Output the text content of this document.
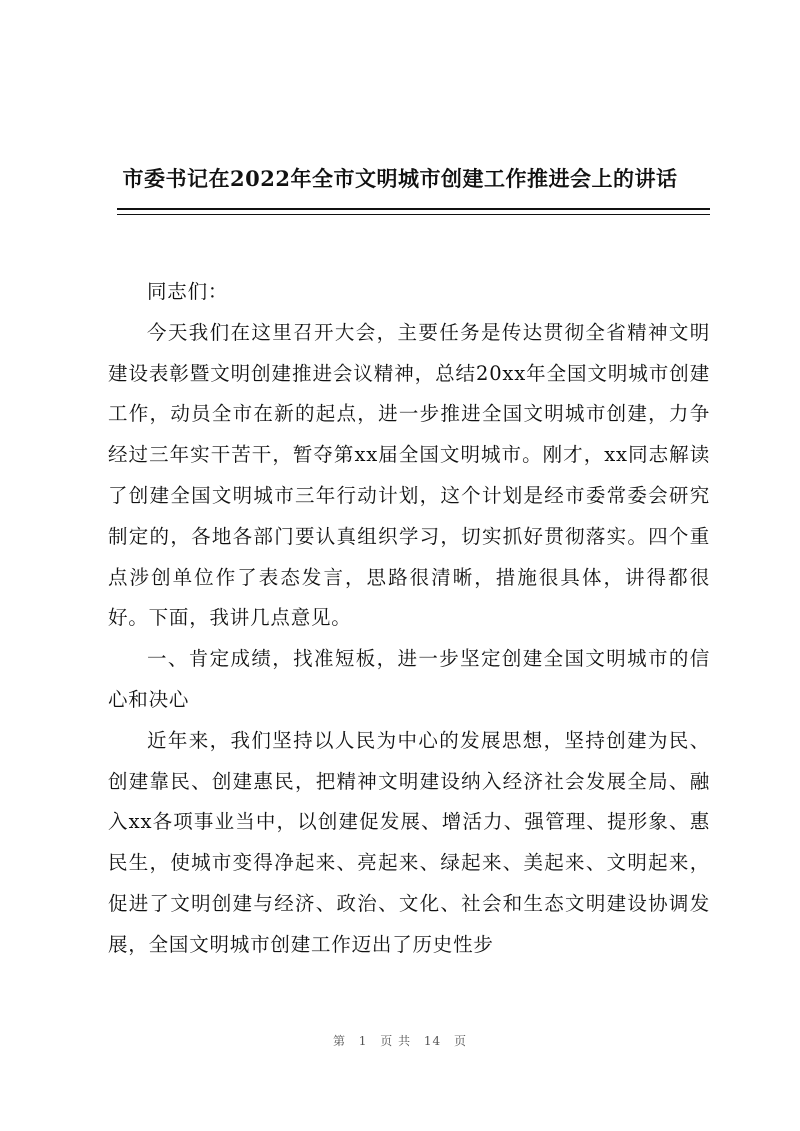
市委书记在2022年全市文明城市创建工作推进会上的讲话

同志们：

今天我们在这里召开大会，主要任务是传达贯彻全省精神文明建设表彰暨文明创建推进会议精神，总结20xx年全国文明城市创建工作，动员全市在新的起点，进一步推进全国文明城市创建，力争经过三年实干苦干，暂夺第xx届全国文明城市。刚才，xx同志解读了创建全国文明城市三年行动计划，这个计划是经市委常委会研究制定的，各地各部门要认真组织学习，切实抓好贯彻落实。四个重点涉创单位作了表态发言，思路很清晰，措施很具体，讲得都很好。下面，我讲几点意见。

一、肯定成绩，找准短板，进一步坚定创建全国文明城市的信心和决心

近年来，我们坚持以人民为中心的发展思想，坚持创建为民、创建靠民、创建惠民，把精神文明建设纳入经济社会发展全局、融入xx各项事业当中，以创建促发展、增活力、强管理、提形象、惠民生，使城市变得净起来、亮起来、绿起来、美起来、文明起来，促进了文明创建与经济、政治、文化、社会和生态文明建设协调发展，全国文明城市创建工作迈出了历史性步

第 1 页 共 14 页
